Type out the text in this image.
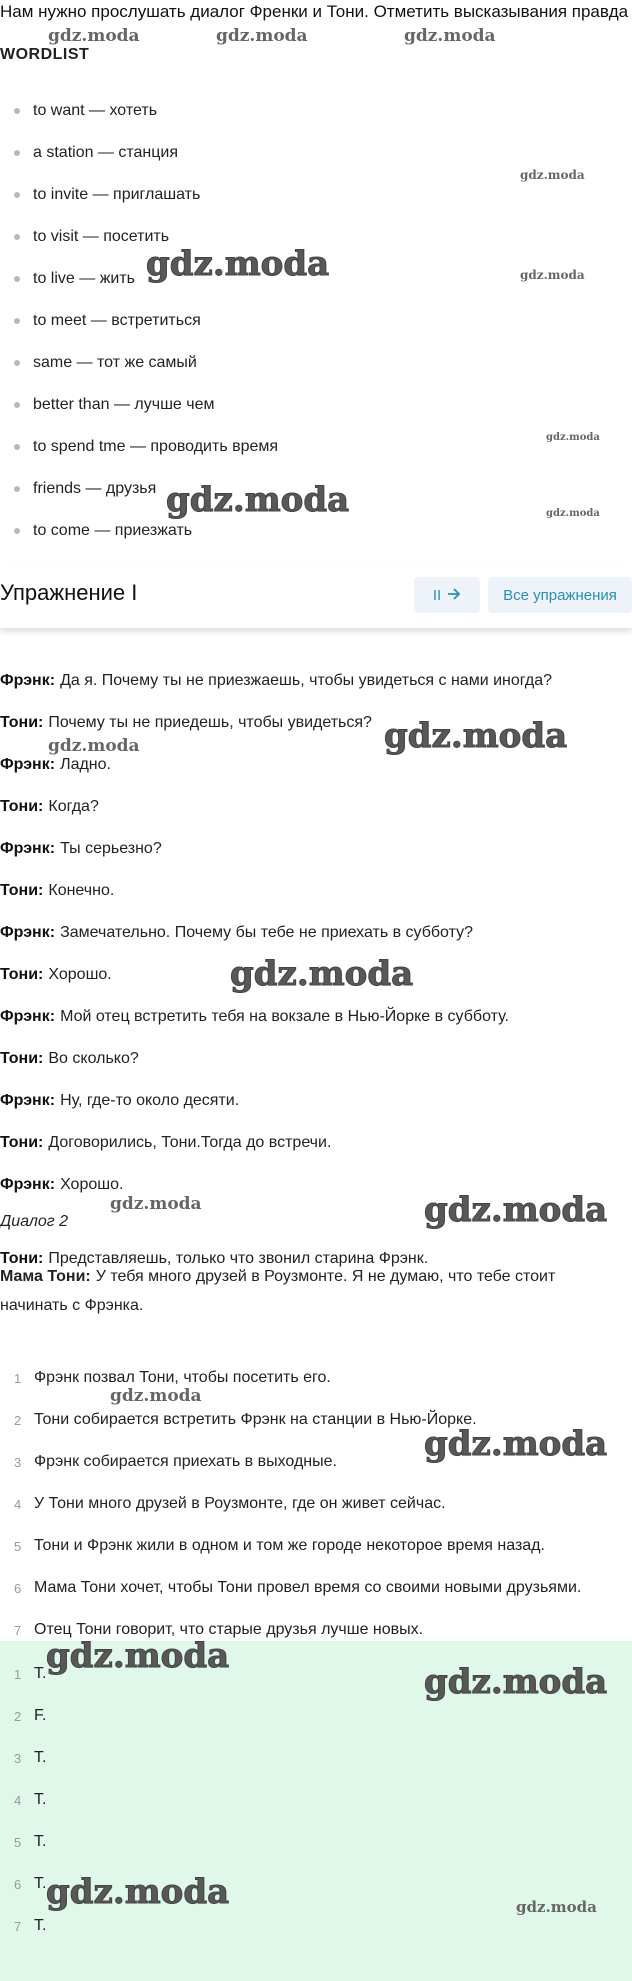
Нам нужно прослушать диалог Френки и Тони. Отметить высказывания правда
WORDLIST
to want — хотеть
a station — станция
to invite — приглашать
to visit — посетить
to live — жить
to meet — встретиться
same — тот же самый
better than — лучше чем
to spend tme — проводить время
friends — друзья
to come — приезжать
Фрэнк: Да я. Почему ты не приезжаешь, чтобы увидеться с нами иногда?
Тони: Почему ты не приедешь, чтобы увидеться?
Фрэнк: Ладно.
Тони: Когда?
Фрэнк: Ты серьезно?
Тони: Конечно.
Фрэнк: Замечательно. Почему бы тебе не приехать в субботу?
Тони: Хорошо.
Фрэнк: Мой отец встретить тебя на вокзале в Нью-Йорке в субботу.
Тони: Во сколько?
Фрэнк: Ну, где-то около десяти.
Тони: Договорились, Тони.Тогда до встречи.
Фрэнк: Хорошо.
Диалог 2
Тони: Представляешь, только что звонил старина Фрэнк.
Мама Тони: У тебя много друзей в Роузмонте. Я не думаю, что тебе стоит
начинать с Фрэнка.
1 Фрэнк позвал Тони, чтобы посетить его.
2 Тони собирается встретить Фрэнк на станции в Нью-Йорке.
3 Фрэнк собирается приехать в выходные.
4 У Тони много друзей в Роузмонте, где он живет сейчас.
5 Тони и Фрэнк жили в одном и том же городе некоторое время назад.
6 Мама Тони хочет, чтобы Тони провел время со своими новыми друзьями.
7 Отец Тони говорит, что старые друзья лучше новых.
1 T.
2 F.
3 T.
4 T.
5 T.
6 T.
7 T.
Упражнение I	II	Все упражнения
gdz.moda	gdz.moda	gdz.moda
gdz.moda
gdz.moda	gdz.moda
gdz.moda
gdz.moda	gdz.moda
gdz.moda
gdz.moda
gdz.moda
gdz.moda	gdz.moda
gdz.moda
gdz.moda
gdz.moda
gdz.moda
gdz.moda	gdz.moda
